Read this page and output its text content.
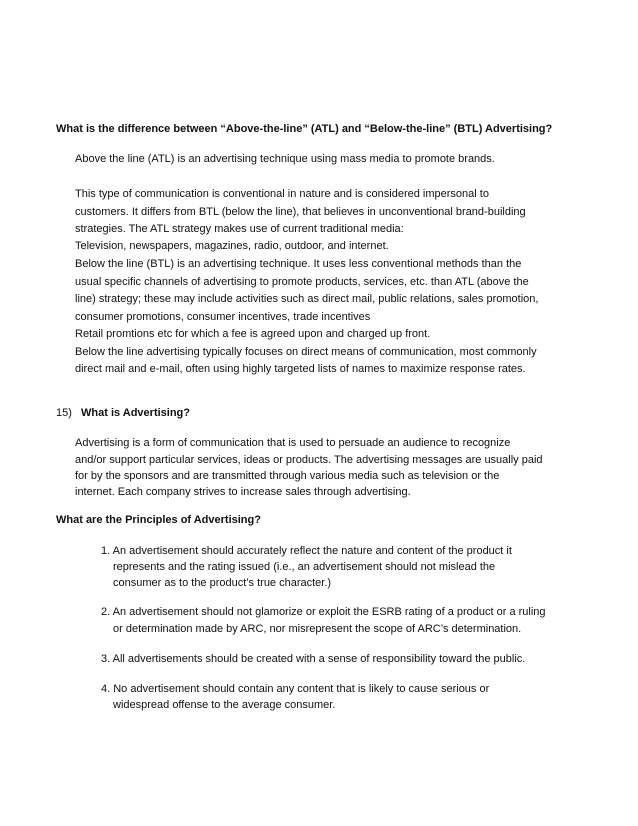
What is the difference between “Above-the-line” (ATL) and “Below-the-line” (BTL) Advertising?
Above the line (ATL) is an advertising technique using mass media to promote brands.
This type of communication is conventional in nature and is considered impersonal to
customers. It differs from BTL (below the line), that believes in unconventional brand-building
strategies. The ATL strategy makes use of current traditional media:
Television, newspapers, magazines, radio, outdoor, and internet.
Below the line (BTL) is an advertising technique. It uses less conventional methods than the
usual specific channels of advertising to promote products, services, etc. than ATL (above the
line) strategy; these may include activities such as direct mail, public relations, sales promotion,
consumer promotions, consumer incentives, trade incentives
Retail promtions etc for which a fee is agreed upon and charged up front.
Below the line advertising typically focuses on direct means of communication, most commonly
direct mail and e-mail, often using highly targeted lists of names to maximize response rates.
15) What is Advertising?
Advertising is a form of communication that is used to persuade an audience to recognize
and/or support particular services, ideas or products. The advertising messages are usually paid
for by the sponsors and are transmitted through various media such as television or the
internet. Each company strives to increase sales through advertising.
What are the Principles of Advertising?
1. An advertisement should accurately reflect the nature and content of the product it
represents and the rating issued (i.e., an advertisement should not mislead the
consumer as to the product’s true character.)
2. An advertisement should not glamorize or exploit the ESRB rating of a product or a ruling
or determination made by ARC, nor misrepresent the scope of ARC’s determination.
3. All advertisements should be created with a sense of responsibility toward the public.
4. No advertisement should contain any content that is likely to cause serious or
widespread offense to the average consumer.
